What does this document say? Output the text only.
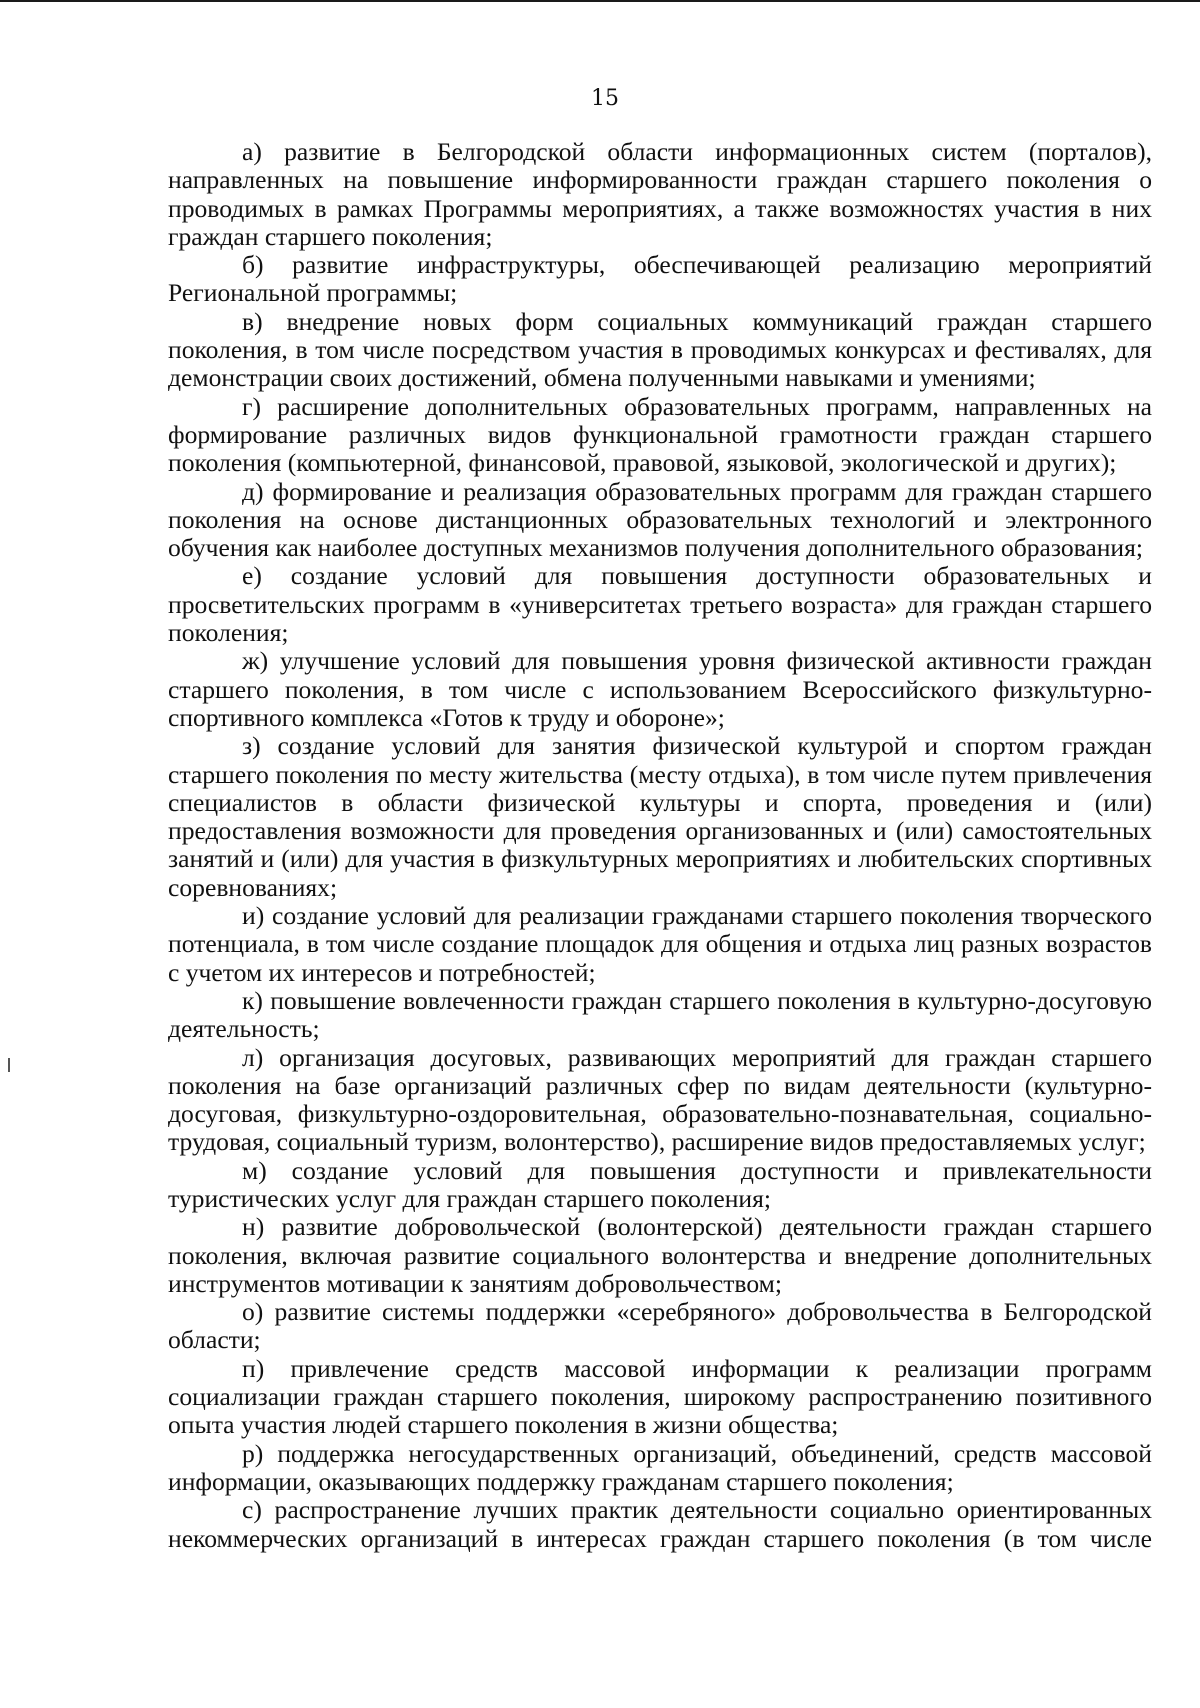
15

а) развитие в Белгородской области информационных систем (порталов), направленных на повышение информированности граждан старшего поколения о проводимых в рамках Программы мероприятиях, а также возможностях участия в них граждан старшего поколения;

б) развитие инфраструктуры, обеспечивающей реализацию мероприятий Региональной программы;

в) внедрение новых форм социальных коммуникаций граждан старшего поколения, в том числе посредством участия в проводимых конкурсах и фестивалях, для демонстрации своих достижений, обмена полученными навыками и умениями;

г) расширение дополнительных образовательных программ, направленных на формирование различных видов функциональной грамотности граждан старшего поколения (компьютерной, финансовой, правовой, языковой, экологической и других);

д) формирование и реализация образовательных программ для граждан старшего поколения на основе дистанционных образовательных технологий и электронного обучения как наиболее доступных механизмов получения дополнительного образования;

е) создание условий для повышения доступности образовательных и просветительских программ в «университетах третьего возраста» для граждан старшего поколения;

ж) улучшение условий для повышения уровня физической активности граждан старшего поколения, в том числе с использованием Всероссийского физкультурно-спортивного комплекса «Готов к труду и обороне»;

з) создание условий для занятия физической культурой и спортом граждан старшего поколения по месту жительства (месту отдыха), в том числе путем привлечения специалистов в области физической культуры и спорта, проведения и (или) предоставления возможности для проведения организованных и (или) самостоятельных занятий и (или) для участия в физкультурных мероприятиях и любительских спортивных соревнованиях;

и) создание условий для реализации гражданами старшего поколения творческого потенциала, в том числе создание площадок для общения и отдыха лиц разных возрастов с учетом их интересов и потребностей;

к) повышение вовлеченности граждан старшего поколения в культурно-досуговую деятельность;

л) организация досуговых, развивающих мероприятий для граждан старшего поколения на базе организаций различных сфер по видам деятельности (культурно-досуговая, физкультурно-оздоровительная, образовательно-познавательная, социально-трудовая, социальный туризм, волонтерство), расширение видов предоставляемых услуг;

м) создание условий для повышения доступности и привлекательности туристических услуг для граждан старшего поколения;

н) развитие добровольческой (волонтерской) деятельности граждан старшего поколения, включая развитие социального волонтерства и внедрение дополнительных инструментов мотивации к занятиям добровольчеством;

о) развитие системы поддержки «серебряного» добровольчества в Белгородской области;

п) привлечение средств массовой информации к реализации программ социализации граждан старшего поколения, широкому распространению позитивного опыта участия людей старшего поколения в жизни общества;

р) поддержка негосударственных организаций, объединений, средств массовой информации, оказывающих поддержку гражданам старшего поколения;

с) распространение лучших практик деятельности социально ориентированных некоммерческих организаций в интересах граждан старшего поколения (в том числе
